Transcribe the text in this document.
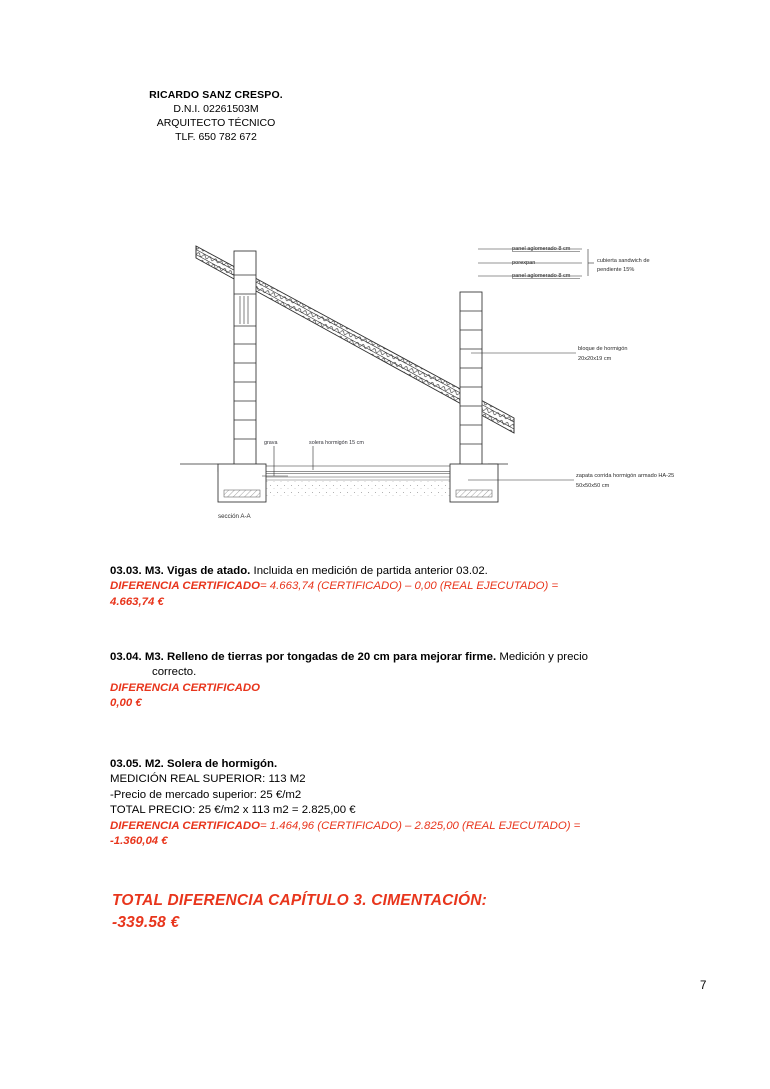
RICARDO SANZ CRESPO.
D.N.I. 02261503M
ARQUITECTO TÉCNICO
TLF. 650 782 672
panel aglomerado 8 cm
porexpan
panel aglomerado 8 cm
cubierta sandwich de
pendiente 15%
bloque de hormigón
20x20x19 cm
grava	solera hormigón 15 cm
zapata corrida hormigón armado HA-25
50x50x50 cm
sección A-A
03.03. M3. Vigas de atado. Incluida en medición de partida anterior 03.02.
DIFERENCIA CERTIFICADO= 4.663,74 (CERTIFICADO) – 0,00 (REAL EJECUTADO) =
4.663,74 €
03.04. M3. Relleno de tierras por tongadas de 20 cm para mejorar firme. Medición y precio
correcto.
DIFERENCIA CERTIFICADO
0,00 €
03.05. M2. Solera de hormigón.
MEDICIÓN REAL SUPERIOR: 113 M2
-Precio de mercado superior: 25 €/m2
TOTAL PRECIO: 25 €/m2 x 113 m2 = 2.825,00 €
DIFERENCIA CERTIFICADO= 1.464,96 (CERTIFICADO) – 2.825,00 (REAL EJECUTADO) =
-1.360,04 €
TOTAL DIFERENCIA CAPÍTULO 3. CIMENTACIÓN:
-339.58 €
7
